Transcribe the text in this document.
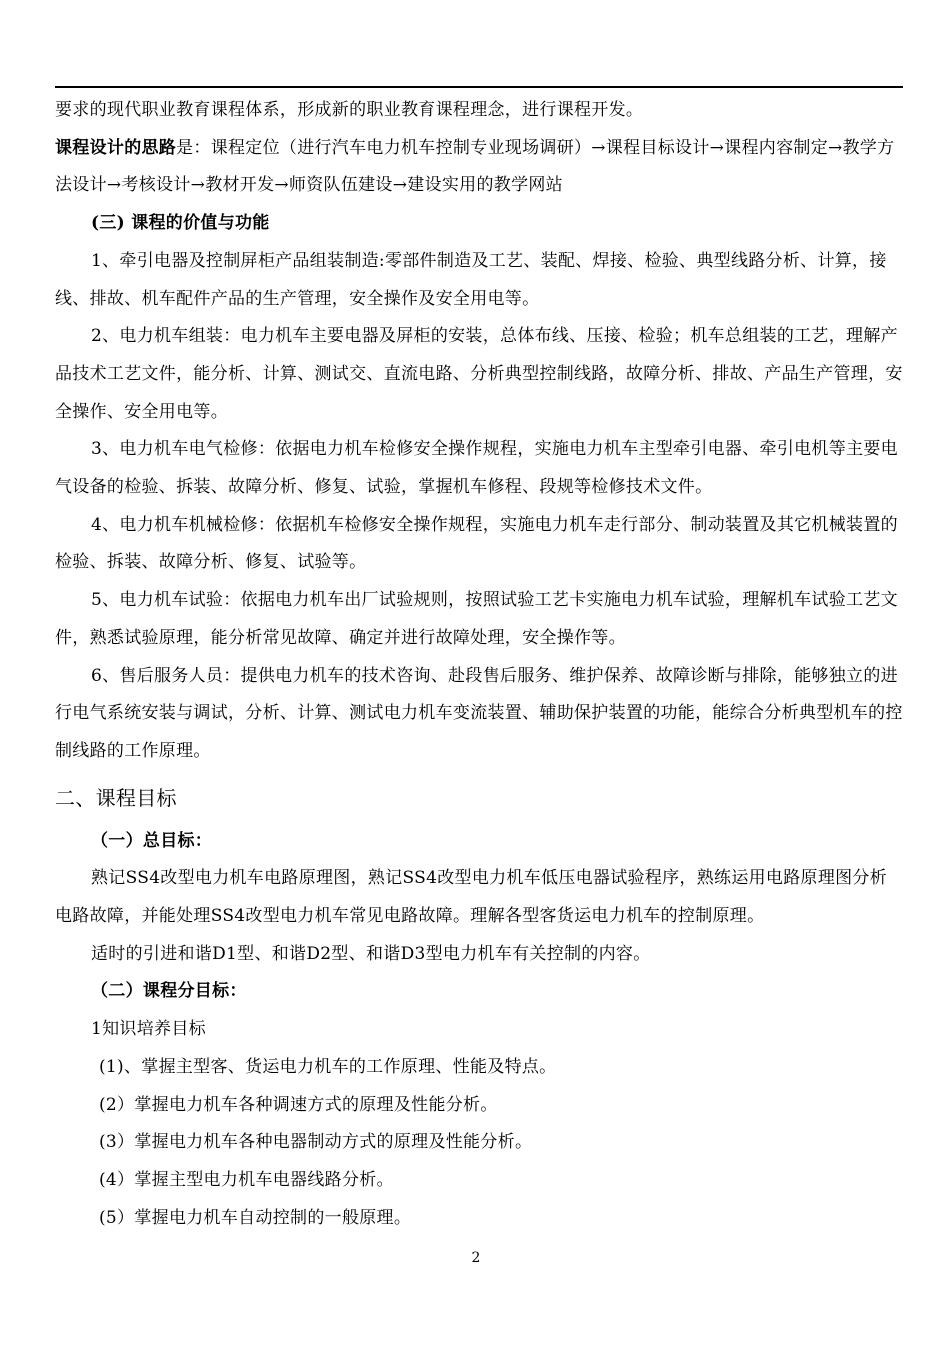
要求的现代职业教育课程体系，形成新的职业教育课程理念，进行课程开发。

课程设计的思路是：课程定位（进行汽车电力机车控制专业现场调研）→课程目标设计→课程内容制定→教学方法设计→考核设计→教材开发→师资队伍建设→建设实用的教学网站

(三) 课程的价值与功能

1、牵引电器及控制屏柜产品组装制造:零部件制造及工艺、装配、焊接、检验、典型线路分析、计算，接线、排故、机车配件产品的生产管理，安全操作及安全用电等。

2、电力机车组装：电力机车主要电器及屏柜的安装，总体布线、压接、检验；机车总组装的工艺，理解产品技术工艺文件，能分析、计算、测试交、直流电路、分析典型控制线路，故障分析、排故、产品生产管理，安全操作、安全用电等。

3、电力机车电气检修：依据电力机车检修安全操作规程，实施电力机车主型牵引电器、牵引电机等主要电气设备的检验、拆装、故障分析、修复、试验，掌握机车修程、段规等检修技术文件。

4、电力机车机械检修：依据机车检修安全操作规程，实施电力机车走行部分、制动装置及其它机械装置的检验、拆装、故障分析、修复、试验等。

5、电力机车试验：依据电力机车出厂试验规则，按照试验工艺卡实施电力机车试验，理解机车试验工艺文件，熟悉试验原理，能分析常见故障、确定并进行故障处理，安全操作等。

6、售后服务人员：提供电力机车的技术咨询、赴段售后服务、维护保养、故障诊断与排除，能够独立的进行电气系统安装与调试，分析、计算、测试电力机车变流装置、辅助保护装置的功能，能综合分析典型机车的控制线路的工作原理。

二、课程目标

（一）总目标：

熟记SS4改型电力机车电路原理图，熟记SS4改型电力机车低压电器试验程序，熟练运用电路原理图分析电路故障，并能处理SS4改型电力机车常见电路故障。理解各型客货运电力机车的控制原理。

适时的引进和谐D1型、和谐D2型、和谐D3型电力机车有关控制的内容。

（二）课程分目标：

1知识培养目标

(1)、掌握主型客、货运电力机车的工作原理、性能及特点。

(2）掌握电力机车各种调速方式的原理及性能分析。

(3）掌握电力机车各种电器制动方式的原理及性能分析。

(4）掌握主型电力机车电器线路分析。

(5）掌握电力机车自动控制的一般原理。

2
